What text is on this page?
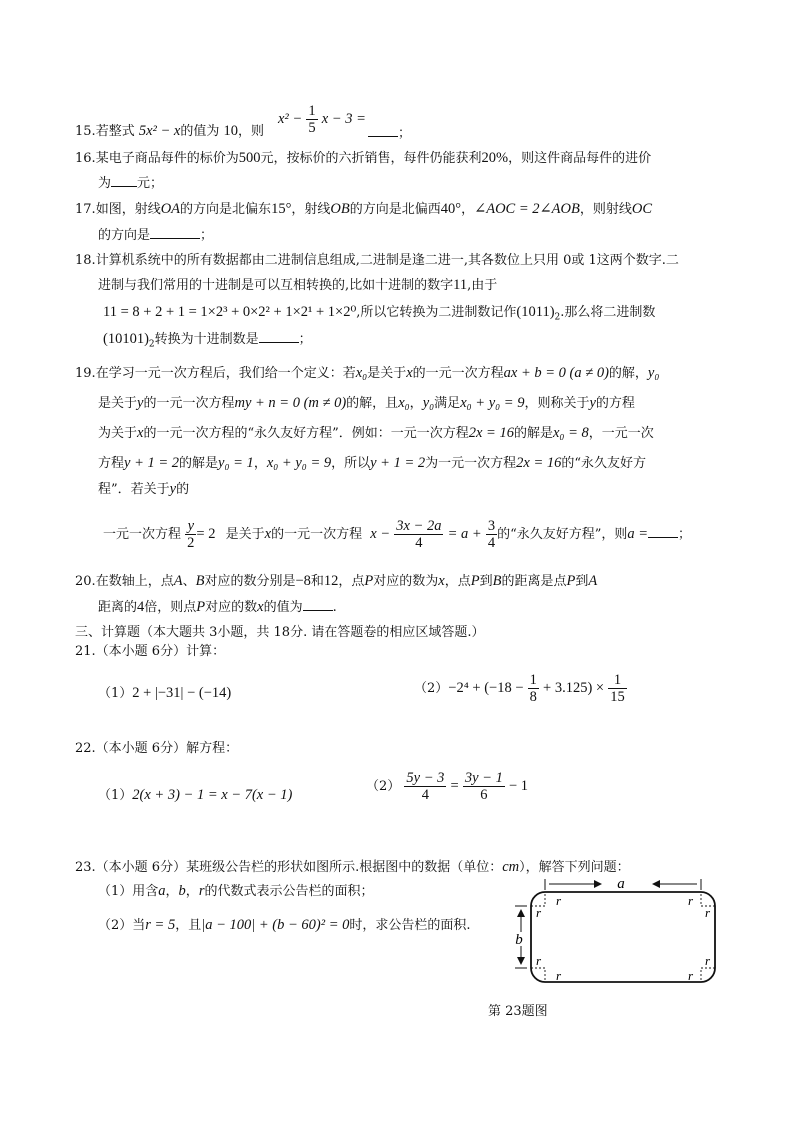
15.若整式 5x² − x的值为 10，则
$x^2 - \frac{1}{5}$ x − 3 =
；
16.某电子商品每件的标价为500元，按标价的六折销售，每件仍能获利20%，则这件商品每件的进价
为 元；
17.如图，射线OA的方向是北偏东15°，射线OB的方向是北偏西40°，∠AOC = 2∠AOB，则射线OC
的方向是	；
18.计算机系统中的所有数据都由二进制信息组成,二进制是逢二进一,其各数位上只用 0或 1这两个数字.二
进制与我们常用的十进制是可以互相转换的,比如十进制的数字11,由于
11 = 8 + 2 + 1 = 1×2³ + 0×2² + 1×2¹ + 1×2⁰,所以它转换为二进制数记作$(1011)_2$.那么将二进制数
$(10101)_2$转换为十进制数是	；
19.在学习一元一次方程后，我们给一个定义：若x₀是关于x的一元一次方程ax + b = 0 (a ≠ 0)的解，y₀
是关于y的一元一次方程my + n = 0 (m ≠ 0)的解，且x₀，y₀满足x₀ + y₀ = 9，则称关于y的方程
为关于x的一元一次方程的“永久友好方程”．例如：一元一次方程2x = 16的解是x₀ = 8，一元一次
方程y + 1 = 2的解是y₀ = 1，x₀ + y₀ = 9，所以y + 1 = 2为一元一次方程2x = 16的“永久友好方
程”．若关于y的
一元一次方程 $\frac{y}{2} = 2$ 是关于x的一元一次方程 $x - \frac{3x - 2a}{4} = a + \frac{3}{4}$ 的“永久友好方程”，则a = ；
20.在数轴上，点A、B对应的数分别是−8和12，点P对应的数为x，点P到B的距离是点P到A
距离的4倍，则点P对应的数x的值为 .
三、计算题（本大题共 3小题，共 18分. 请在答题卷的相应区域答题.）
21.（本小题 6分）计算：
（1）2 + |−31| − (−14)	$(2)-2^4 + (-18 - \frac{1}{8} + 3.125) \times \frac{1}{15}$
22.（本小题 6分）解方程：
（1）2(x + 3) − 1 = x − 7(x − 1)
$(2) \frac{5y - 3}{4} = \frac{3y - 1}{6} - 1$
23.（本小题 6分）某班级公告栏的形状如图所示.根据图中的数据（单位：cm），解答下列问题：
（1）用含a，b，r的代数式表示公告栏的面积；
（2）当r = 5，且|a − 100| + (b − 60)² = 0时，求公告栏的面积.
a
b
r
r
r
r
r
r
r
r
第 23题图
